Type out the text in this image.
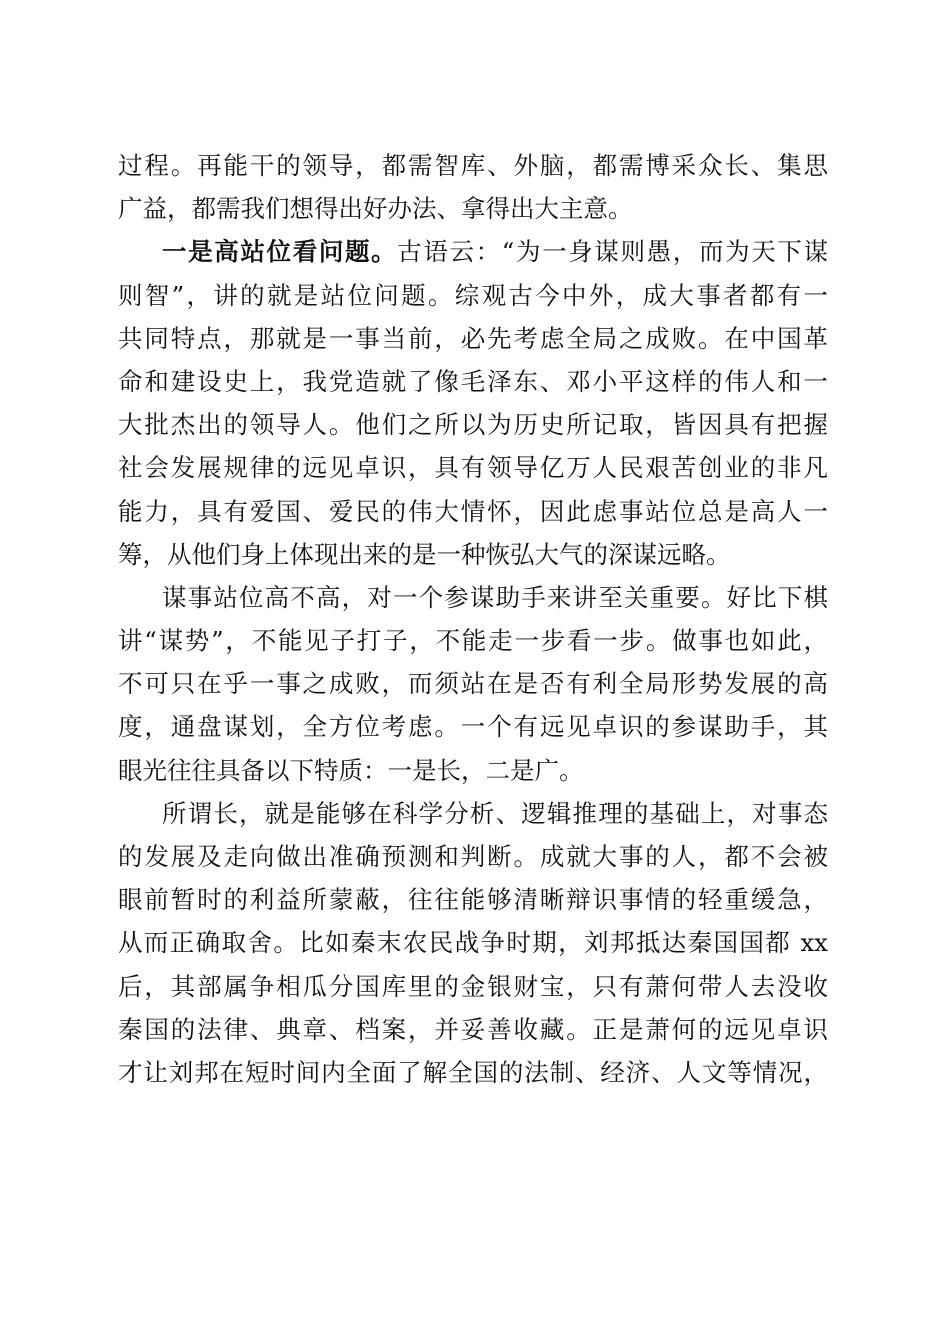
过程。再能干的领导，都需智库、外脑，都需博采众长、集思
广益，都需我们想得出好办法、拿得出大主意。
一是高站位看问题。古语云：“为一身谋则愚，而为天下谋
则智”，讲的就是站位问题。综观古今中外，成大事者都有一
共同特点，那就是一事当前，必先考虑全局之成败。在中国革
命和建设史上，我党造就了像毛泽东、邓小平这样的伟人和一
大批杰出的领导人。他们之所以为历史所记取，皆因具有把握
社会发展规律的远见卓识，具有领导亿万人民艰苦创业的非凡
能力，具有爱国、爱民的伟大情怀，因此虑事站位总是高人一
筹，从他们身上体现出来的是一种恢弘大气的深谋远略。
谋事站位高不高，对一个参谋助手来讲至关重要。好比下棋
讲“谋势”，不能见子打子，不能走一步看一步。做事也如此，
不可只在乎一事之成败，而须站在是否有利全局形势发展的高
度，通盘谋划，全方位考虑。一个有远见卓识的参谋助手，其
眼光往往具备以下特质：一是长，二是广。
所谓长，就是能够在科学分析、逻辑推理的基础上，对事态
的发展及走向做出准确预测和判断。成就大事的人，都不会被
眼前暂时的利益所蒙蔽，往往能够清晰辩识事情的轻重缓急，
从而正确取舍。比如秦末农民战争时期，刘邦抵达秦国国都 xx
后，其部属争相瓜分国库里的金银财宝，只有萧何带人去没收
秦国的法律、典章、档案，并妥善收藏。正是萧何的远见卓识
才让刘邦在短时间内全面了解全国的法制、经济、人文等情况，
